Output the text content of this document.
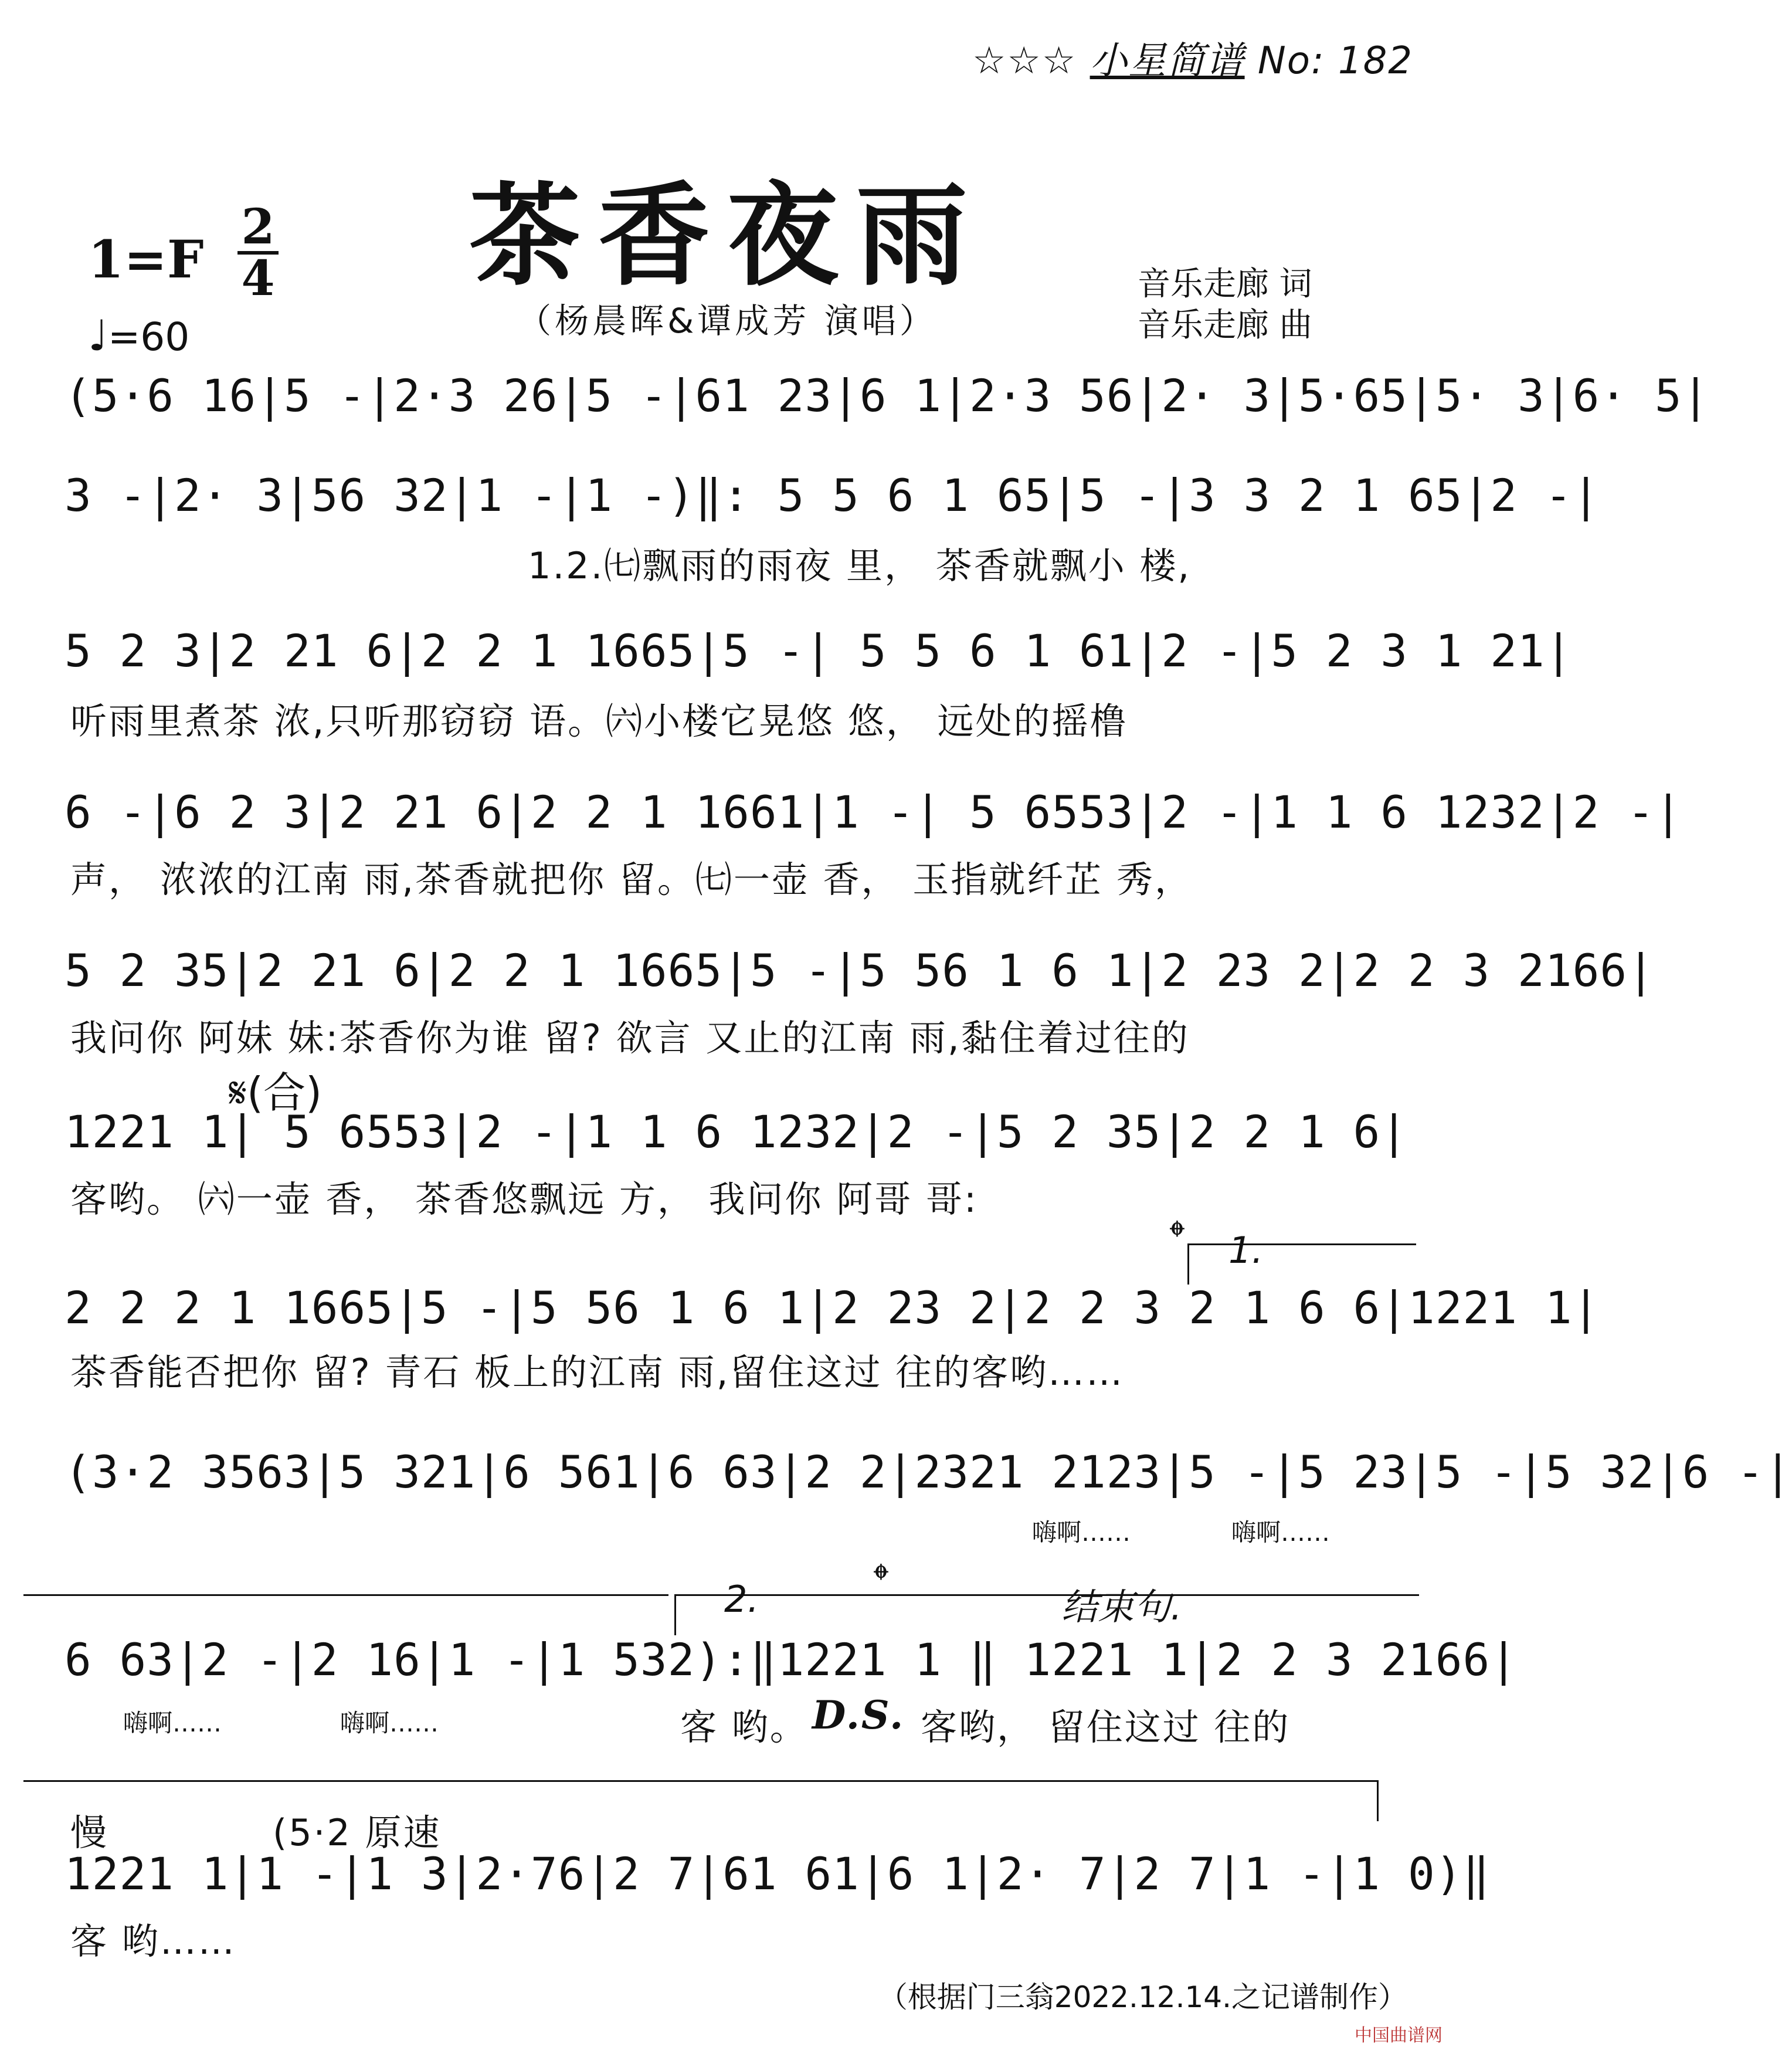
☆☆☆ 小星简谱 No: 182
茶香夜雨
（杨晨晖&谭成芳 演唱）
音乐走廊 词
音乐走廊 曲
1=F
2
4
♩=60
(5·6 16|5 -|2·3 26|5 -|61 23|6 1|2·3 56|2· 3|5·65|5· 3|6· 5|
3 -|2· 3|56 32|1 -|1 -)‖: 5 5 6 1 65|5 -|3 3 2 1 65|2 -|
1.2.㈦飘雨的雨夜 里， 茶香就飘小 楼,
5 2 3|2 21 6|2 2 1 1665|5 -| 5 5 6 1 61|2 -|5 2 3 1 21|
听雨里煮茶 浓,只听那窃窃 语。㈥小楼它晃悠 悠， 远处的摇橹
6 -|6 2 3|2 21 6|2 2 1 1661|1 -| 5 6553|2 -|1 1 6 1232|2 -|
声， 浓浓的江南 雨,茶香就把你 留。㈦一壶 香， 玉指就纤芷 秀，
5 2 35|2 21 6|2 2 1 1665|5 -|5 56 1 6 1|2 23 2|2 2 3 2166|
我问你 阿妹 妹:茶香你为谁 留? 欲言 又止的江南 雨,黏住着过往的
𝄋(合)
1221 1| 5 6553|2 -|1 1 6 1232|2 -|5 2 35|2 2 1 6|
客哟。 ㈥一壶 香， 茶香悠飘远 方， 我问你 阿哥 哥:
𝄌 1.
2 2 2 1 1665|5 -|5 56 1 6 1|2 23 2|2 2 3 2 1 6 6|1221 1|
茶香能否把你 留? 青石 板上的江南 雨,留住这过 往的客哟……
(3·2 3563|5 321|6 561|6 63|2 2|2321 2123|5 -|5 23|5 -|5 32|6 -|
嗨啊……	嗨啊……
2.	𝄌
结束句.
6 63|2 -|2 16|1 -|1 532):‖1221 1 ‖ 1221 1|2 2 3 2166|
嗨啊……	嗨啊……	客 哟。 D.S. 客哟， 留住这过 往的
慢	(5·2 原速
1221 1|1 -|1 3|2·76|2 7|61 61|6 1|2· 7|2 7|1 -|1 0)‖
客 哟……
（根据门三翁2022.12.14.之记谱制作）
中国曲谱网
